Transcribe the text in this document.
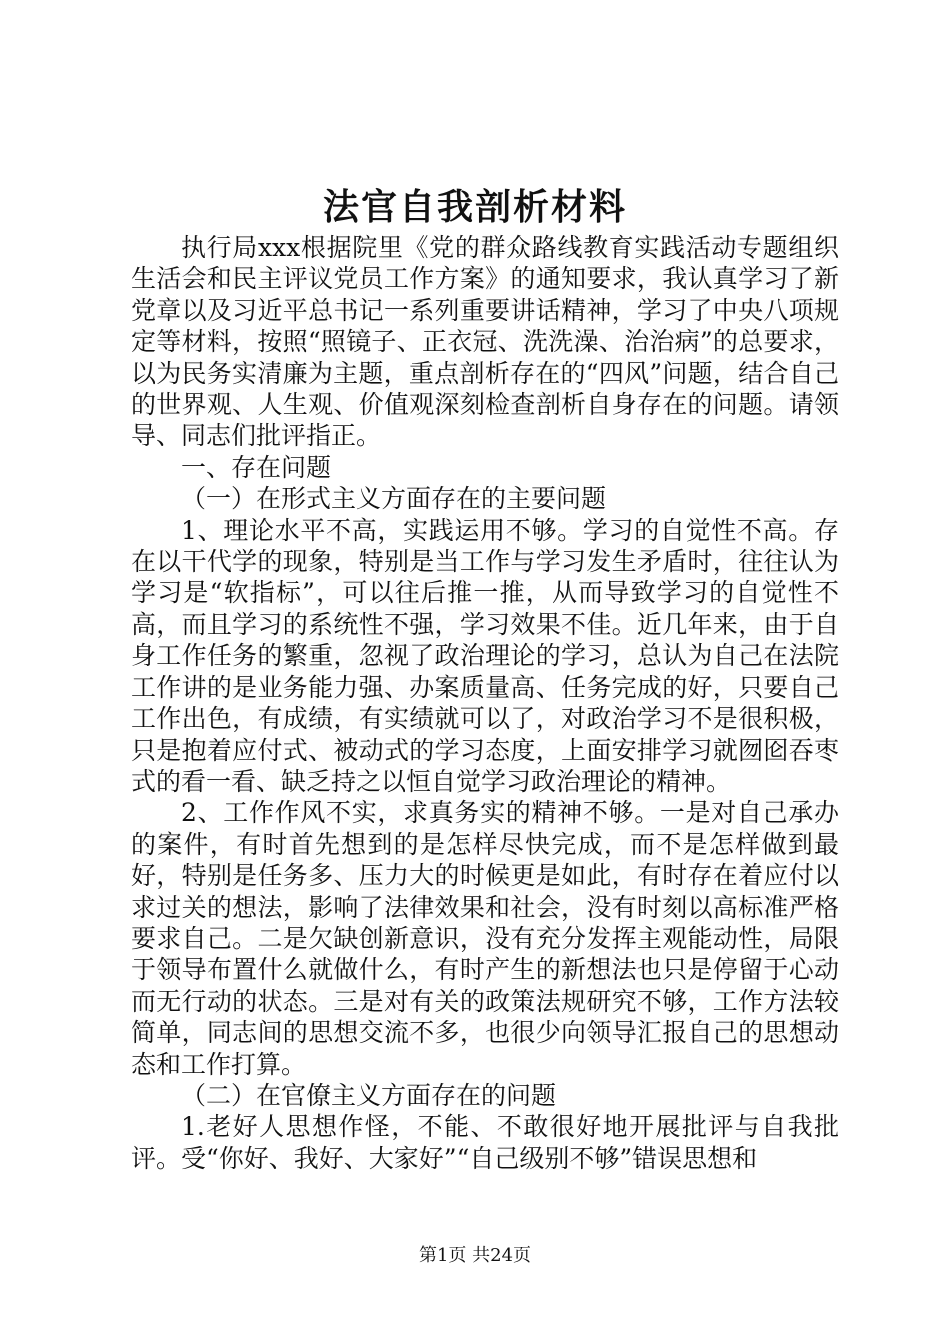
法官自我剖析材料

执行局xxx根据院里《党的群众路线教育实践活动专题组织生活会和民主评议党员工作方案》的通知要求，我认真学习了新党章以及习近平总书记一系列重要讲话精神，学习了中央八项规定等材料，按照“照镜子、正衣冠、洗洗澡、治治病”的总要求，以为民务实清廉为主题，重点剖析存在的“四风”问题，结合自己的世界观、人生观、价值观深刻检查剖析自身存在的问题。请领导、同志们批评指正。

一、存在问题

（一）在形式主义方面存在的主要问题

1、理论水平不高，实践运用不够。学习的自觉性不高。存在以干代学的现象，特别是当工作与学习发生矛盾时，往往认为学习是“软指标”，可以往后推一推，从而导致学习的自觉性不高，而且学习的系统性不强，学习效果不佳。近几年来，由于自身工作任务的繁重，忽视了政治理论的学习，总认为自己在法院工作讲的是业务能力强、办案质量高、任务完成的好，只要自己工作出色，有成绩，有实绩就可以了，对政治学习不是很积极，只是抱着应付式、被动式的学习态度，上面安排学习就囫囵吞枣式的看一看、缺乏持之以恒自觉学习政治理论的精神。

2、工作作风不实，求真务实的精神不够。一是对自己承办的案件，有时首先想到的是怎样尽快完成，而不是怎样做到最好，特别是任务多、压力大的时候更是如此，有时存在着应付以求过关的想法，影响了法律效果和社会，没有时刻以高标准严格要求自己。二是欠缺创新意识，没有充分发挥主观能动性，局限于领导布置什么就做什么，有时产生的新想法也只是停留于心动而无行动的状态。三是对有关的政策法规研究不够，工作方法较简单，同志间的思想交流不多，也很少向领导汇报自己的思想动态和工作打算。

（二）在官僚主义方面存在的问题

1.老好人思想作怪，不能、不敢很好地开展批评与自我批评。受“你好、我好、大家好”“自己级别不够”错误思想和

第1页 共24页
